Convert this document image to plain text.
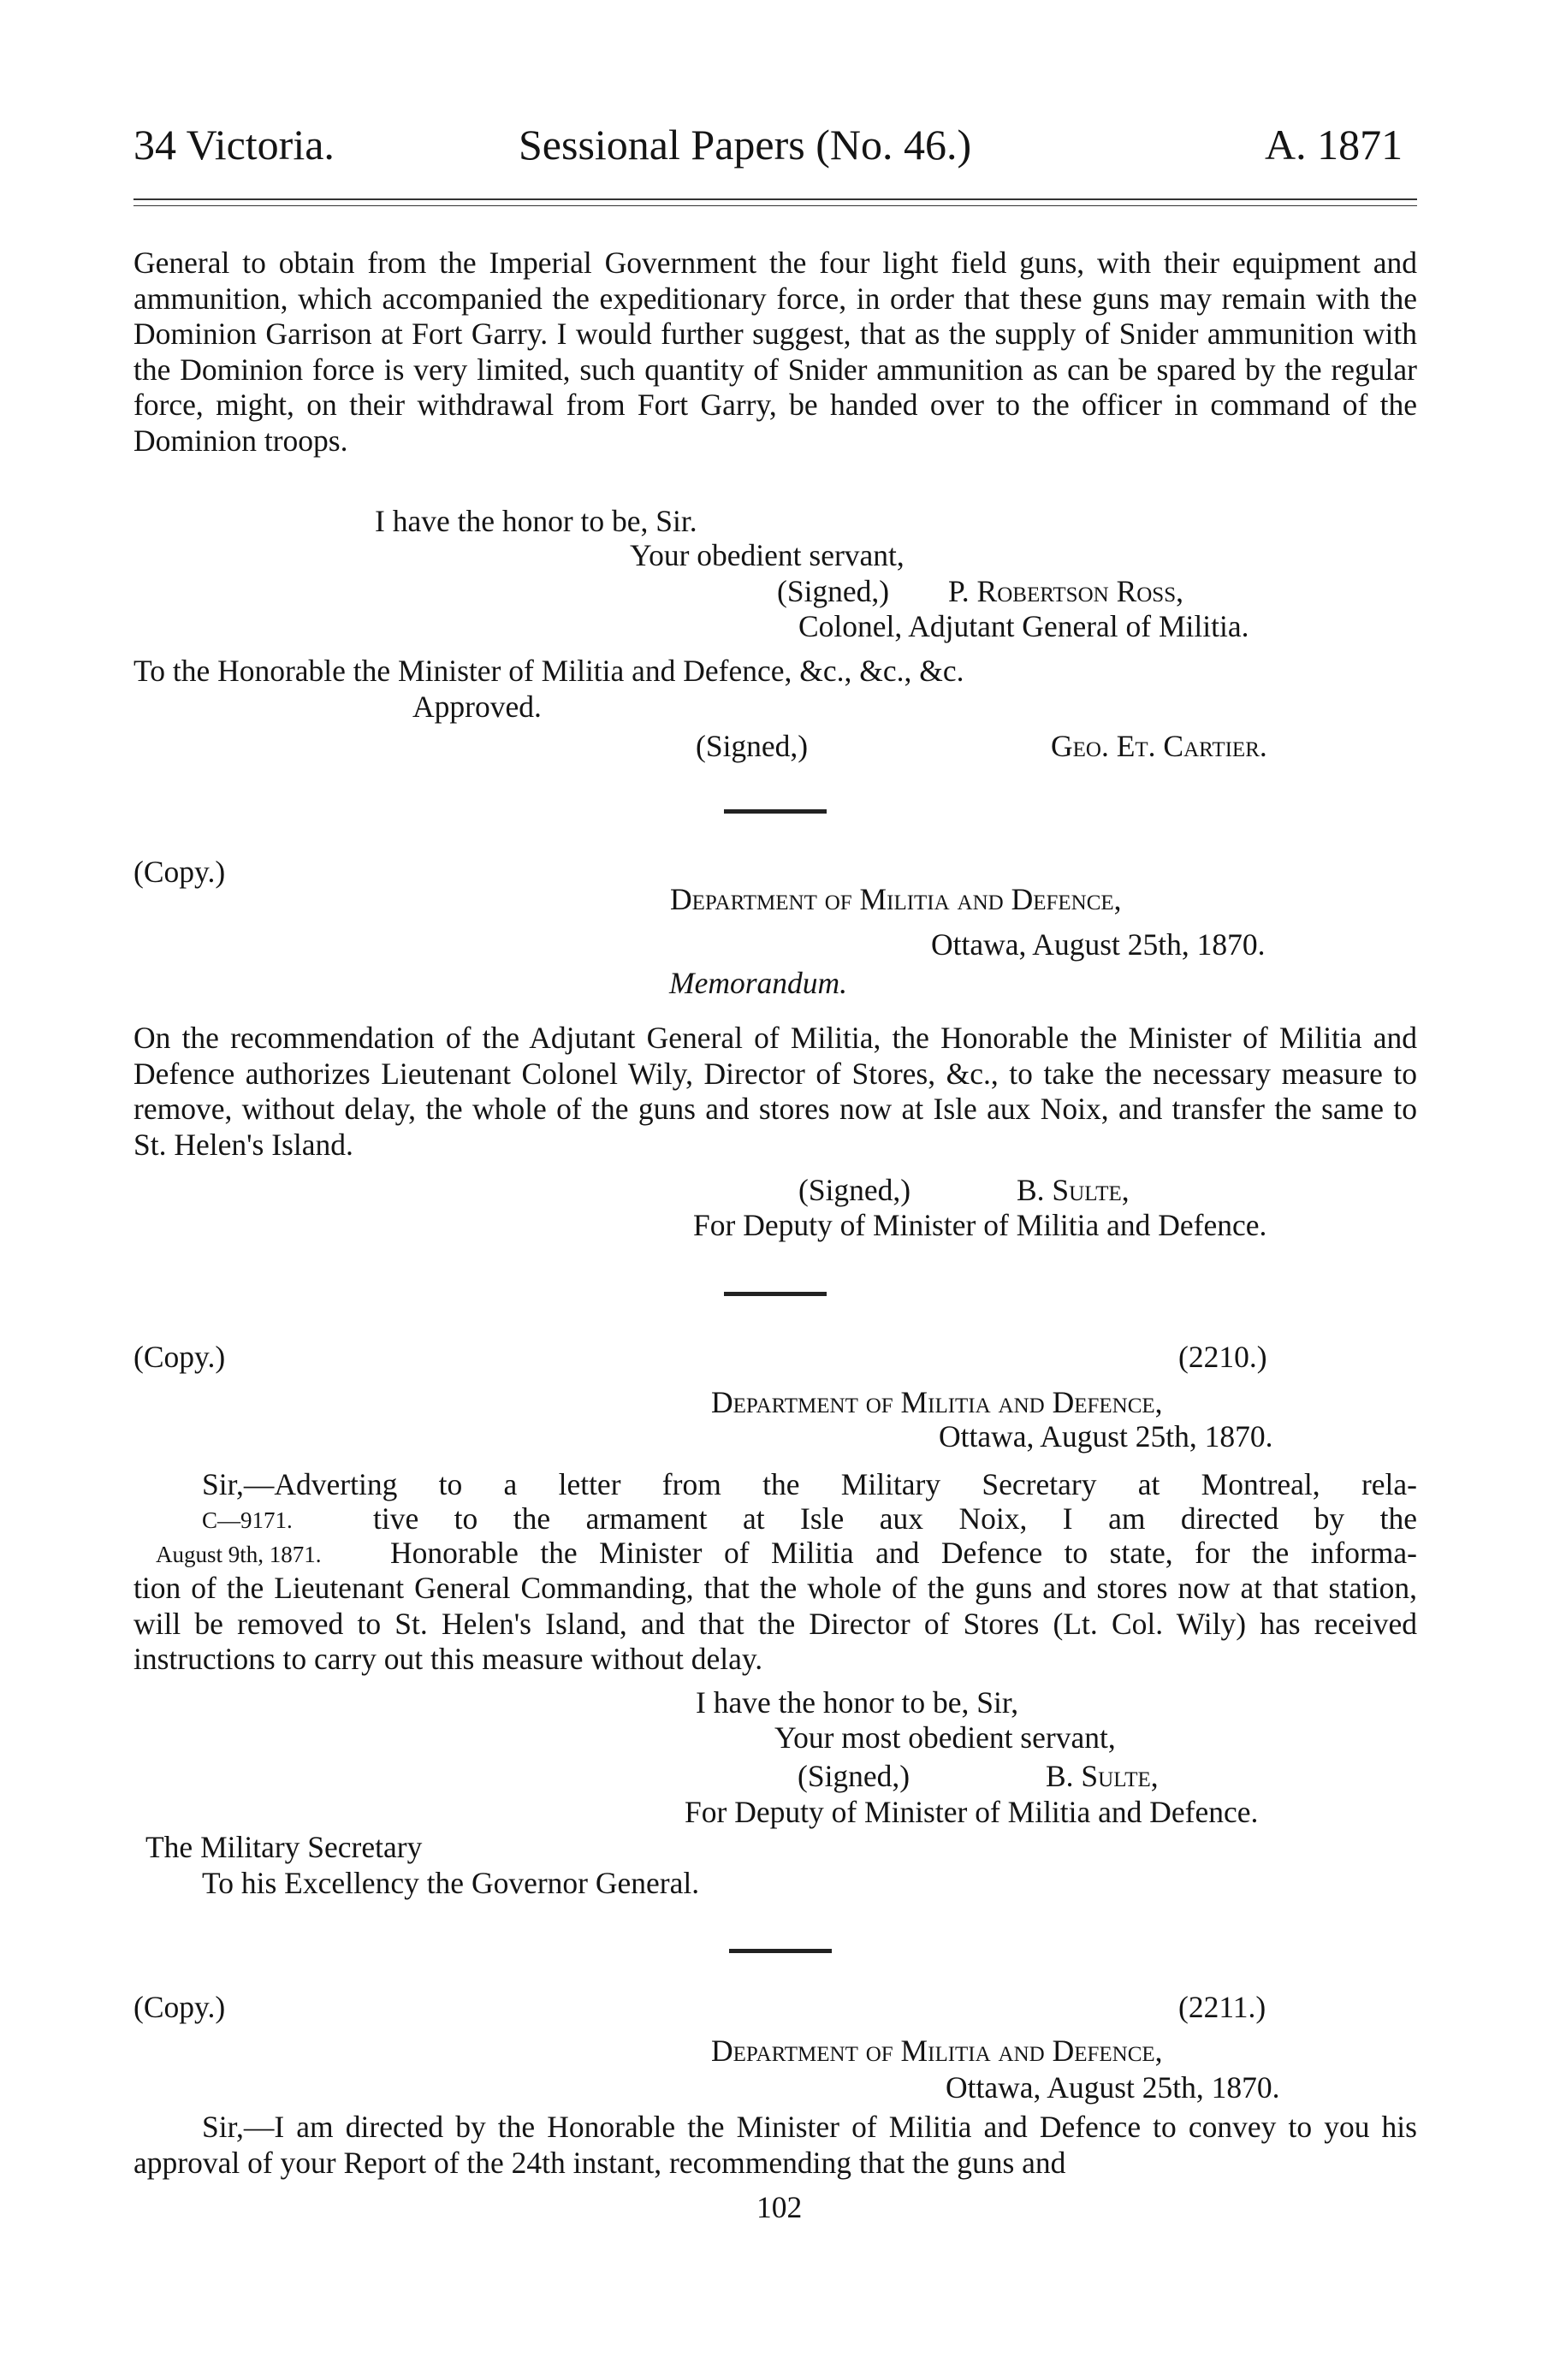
34 Victoria.	Sessional Papers (No. 46.)	A. 1871

General to obtain from the Imperial Government the four light field guns, with their equipment and ammunition, which accompanied the expeditionary force, in order that these guns may remain with the Dominion Garrison at Fort Garry. I would further suggest, that as the supply of Snider ammunition with the Dominion force is very limited, such quantity of Snider ammunition as can be spared by the regular force, might, on their withdrawal from Fort Garry, be handed over to the officer in command of the Dominion troops.

I have the honor to be, Sir.
Your obedient servant,
(Signed,) P. Robertson Ross,
Colonel, Adjutant General of Militia.
To the Honorable the Minister of Militia and Defence, &c., &c., &c.
Approved.
(Signed,)	Geo. Et. Cartier.
(Copy.)
Department of Militia and Defence,
Ottawa, August 25th, 1870.
Memorandum.

On the recommendation of the Adjutant General of Militia, the Honorable the Minister of Militia and Defence authorizes Lieutenant Colonel Wily, Director of Stores, &c., to take the necessary measure to remove, without delay, the whole of the guns and stores now at Isle aux Noix, and transfer the same to St. Helen's Island.

(Signed,)	B. Sulte,
For Deputy of Minister of Militia and Defence.
(Copy.)	(2210.)
Department of Militia and Defence,
Ottawa, August 25th, 1870.
Sir,—Adverting to a letter from the Military Secretary at Montreal, rela-
C—9171.	tive to the armament at Isle aux Noix, I am directed by the
August 9th, 1871. Honorable the Minister of Militia and Defence to state, for the informa-

tion of the Lieutenant General Commanding, that the whole of the guns and stores now at that station, will be removed to St. Helen's Island, and that the Director of Stores (Lt. Col. Wily) has received instructions to carry out this measure without delay.

I have the honor to be, Sir,
Your most obedient servant,
(Signed,)	B. Sulte,
For Deputy of Minister of Militia and Defence.
The Military Secretary
To his Excellency the Governor General.
(Copy.)	(2211.)
Department of Militia and Defence,
Ottawa, August 25th, 1870.

Sir,—I am directed by the Honorable the Minister of Militia and Defence to convey to you his approval of your Report of the 24th instant, recommending that the guns and

102
